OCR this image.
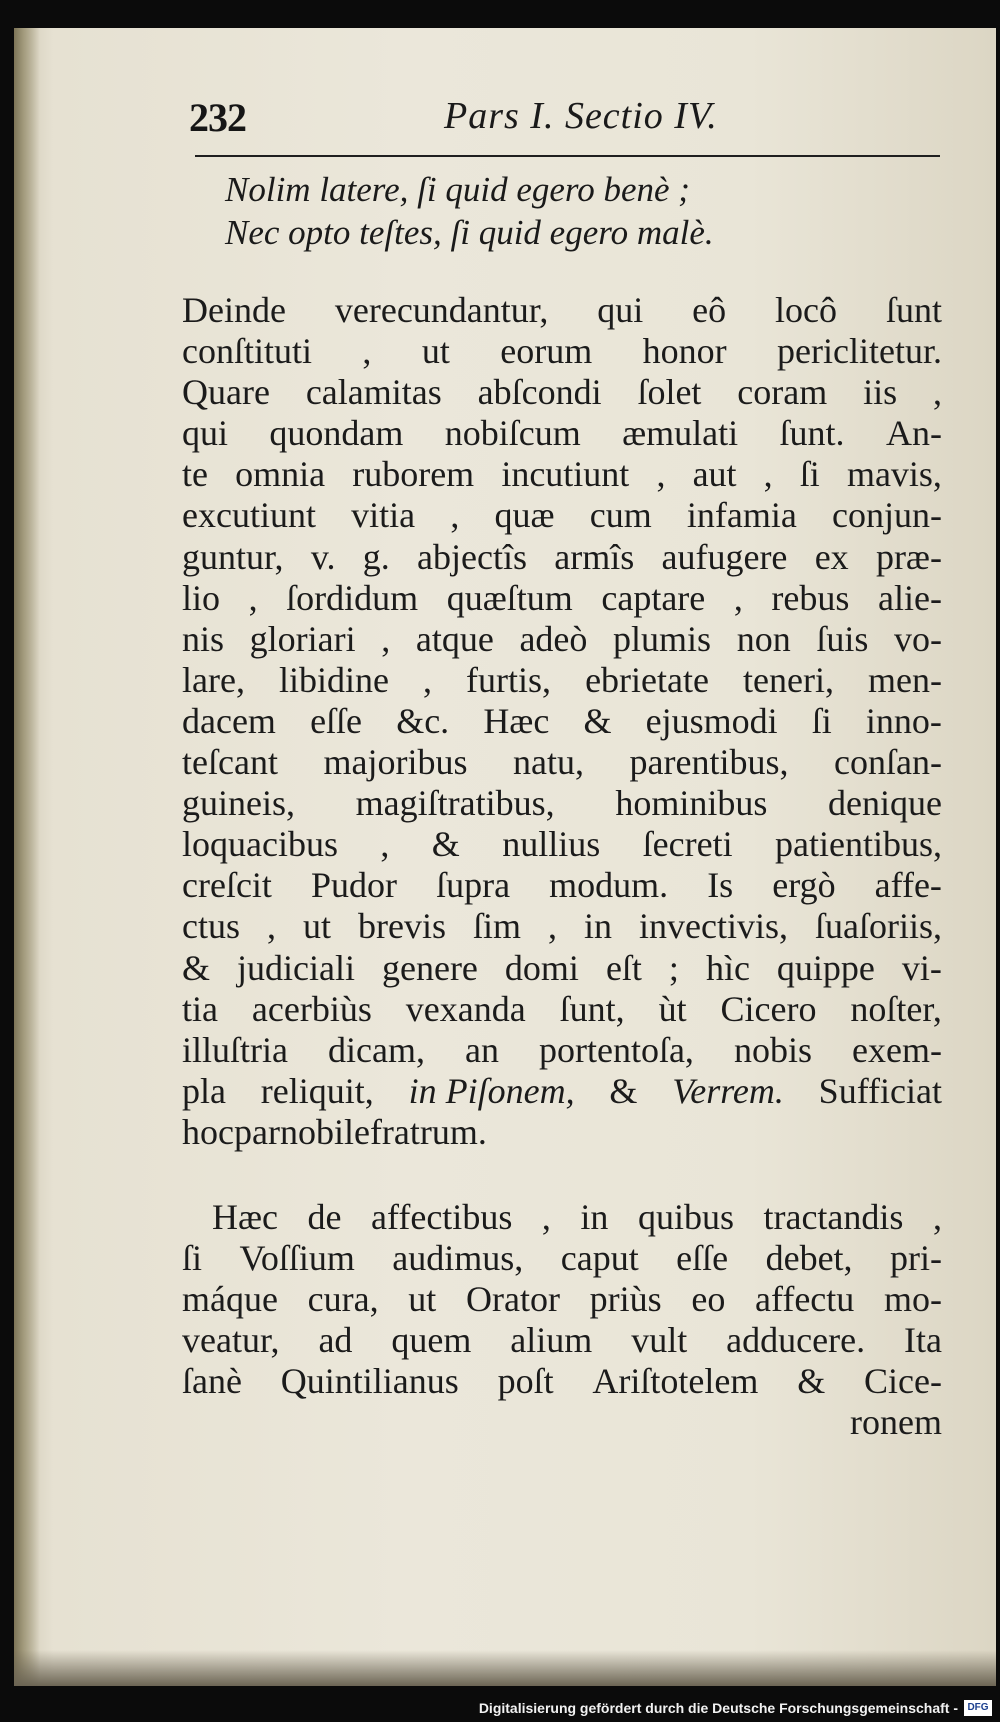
232	Pars I. Sectio IV.
Nolim latere, ſi quid egero benè ;
Nec opto teſtes, ſi quid egero malè.
Deinde verecundantur, qui eô locô ſunt
conſtituti , ut eorum honor periclitetur.
Quare calamitas abſcondi ſolet coram iis ,
qui quondam nobiſcum æmulati ſunt. An-
te omnia ruborem incutiunt , aut , ſi mavis,
excutiunt vitia , quæ cum infamia conjun-
guntur, v. g. abjectîs armîs aufugere ex præ-
lio , ſordidum quæſtum captare , rebus alie-
nis gloriari , atque adeò plumis non ſuis vo-
lare, libidine , furtis, ebrietate teneri, men-
dacem eſſe &c. Hæc & ejusmodi ſi inno-
teſcant majoribus natu, parentibus, conſan-
guineis, magiſtratibus, hominibus denique
loquacibus , & nullius ſecreti patientibus,
creſcit Pudor ſupra modum. Is ergò affe-
ctus , ut brevis ſim , in invectivis, ſuaſoriis,
& judiciali genere domi eſt ; hìc quippe vi-
tia acerbiùs vexanda ſunt, ùt Cicero noſter,
illuſtria dicam, an portentoſa, nobis exem-
pla reliquit, in Piſonem, & Verrem. Sufficiat
hoc par nobile fratrum.
Hæc de affectibus , in quibus tractandis ,
ſi Voſſium audimus, caput eſſe debet, pri-
máque cura, ut Orator priùs eo affectu mo-
veatur, ad quem alium vult adducere. Ita
ſanè Quintilianus poſt Ariſtotelem & Cice-
ronem
Digitalisierung gefördert durch die Deutsche Forschungsgemeinschaft - DFG
